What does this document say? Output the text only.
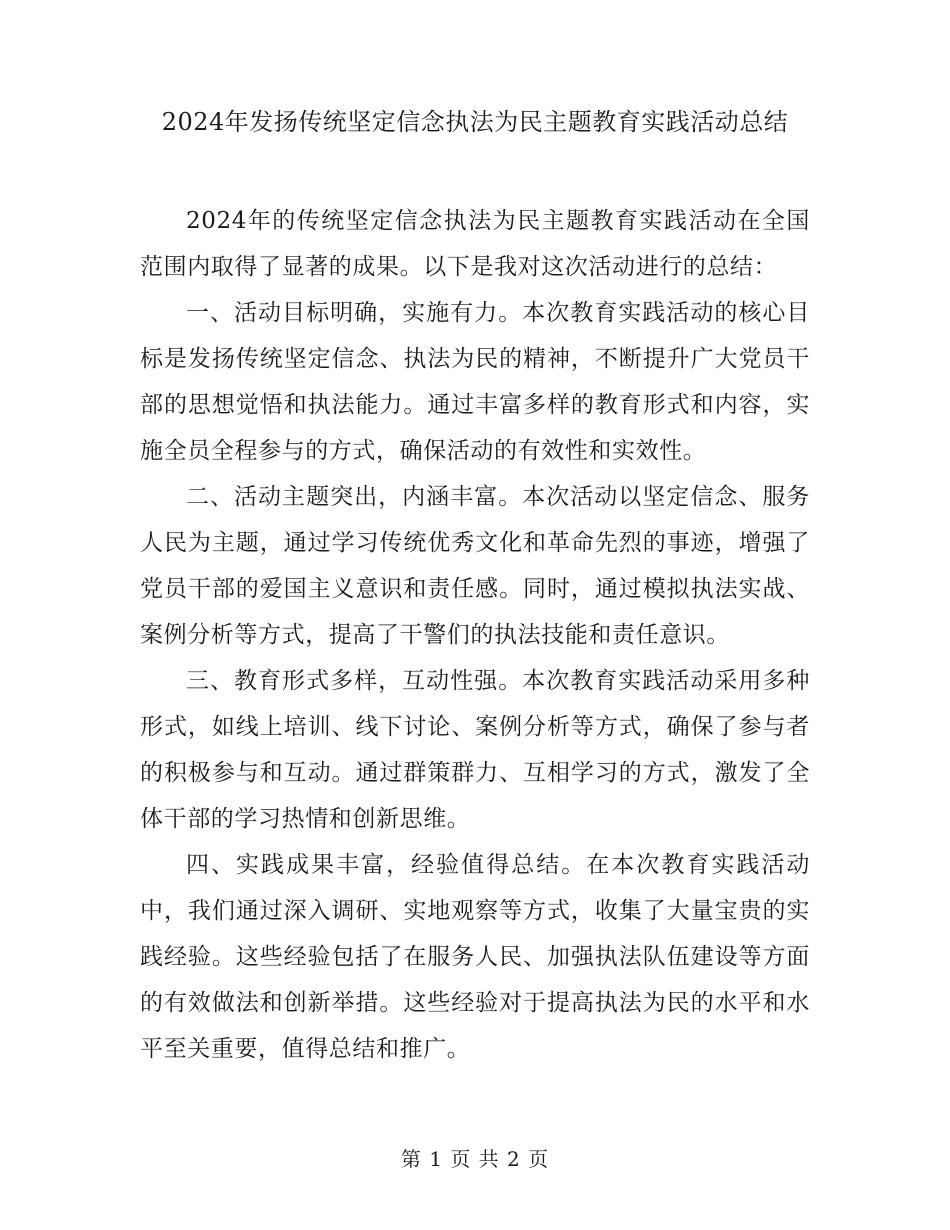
2024年发扬传统坚定信念执法为民主题教育实践活动总结

2024年的传统坚定信念执法为民主题教育实践活动在全国范围内取得了显著的成果。以下是我对这次活动进行的总结：

一、活动目标明确，实施有力。本次教育实践活动的核心目标是发扬传统坚定信念、执法为民的精神，不断提升广大党员干部的思想觉悟和执法能力。通过丰富多样的教育形式和内容，实施全员全程参与的方式，确保活动的有效性和实效性。

二、活动主题突出，内涵丰富。本次活动以坚定信念、服务人民为主题，通过学习传统优秀文化和革命先烈的事迹，增强了党员干部的爱国主义意识和责任感。同时，通过模拟执法实战、案例分析等方式，提高了干警们的执法技能和责任意识。

三、教育形式多样，互动性强。本次教育实践活动采用多种形式，如线上培训、线下讨论、案例分析等方式，确保了参与者的积极参与和互动。通过群策群力、互相学习的方式，激发了全体干部的学习热情和创新思维。

四、实践成果丰富，经验值得总结。在本次教育实践活动中，我们通过深入调研、实地观察等方式，收集了大量宝贵的实践经验。这些经验包括了在服务人民、加强执法队伍建设等方面的有效做法和创新举措。这些经验对于提高执法为民的水平和水平至关重要，值得总结和推广。

第 1 页 共 2 页
